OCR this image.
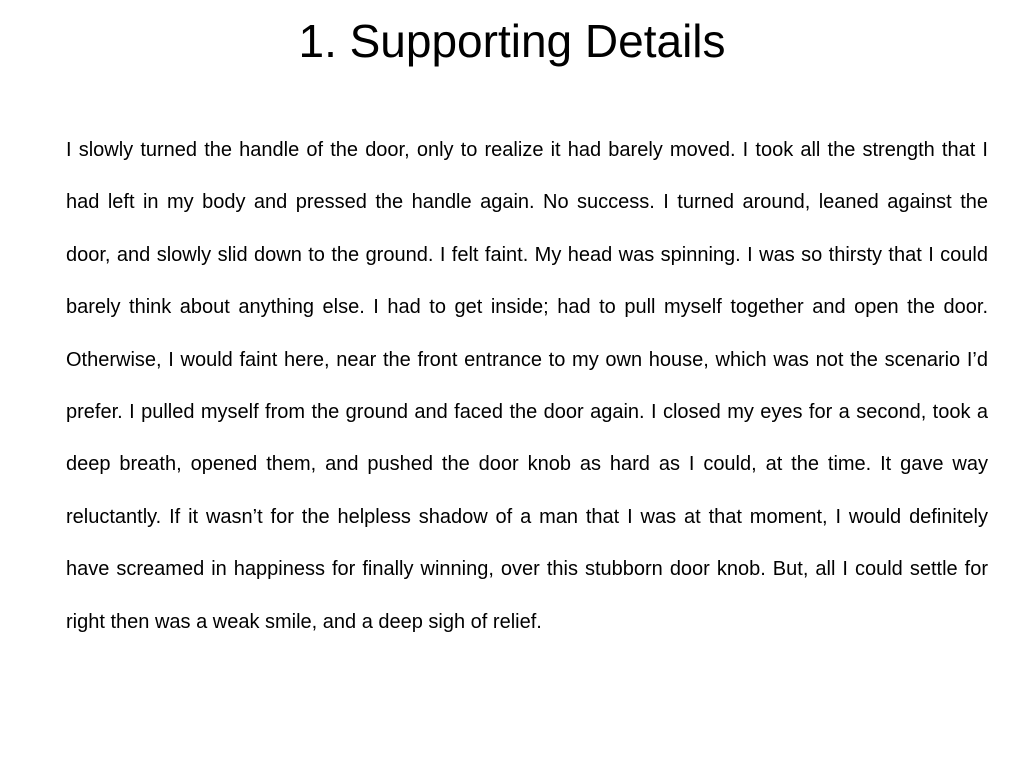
1. Supporting Details

I slowly turned the handle of the door, only to realize it had barely moved. I took all the strength that I had left in my body and pressed the handle again. No success. I turned around, leaned against the door, and slowly slid down to the ground. I felt faint. My head was spinning. I was so thirsty that I could barely think about anything else. I had to get inside; had to pull myself together and open the door. Otherwise, I would faint here, near the front entrance to my own house, which was not the scenario I’d prefer. I pulled myself from the ground and faced the door again. I closed my eyes for a second, took a deep breath, opened them, and pushed the door knob as hard as I could, at the time. It gave way reluctantly. If it wasn’t for the helpless shadow of a man that I was at that moment, I would definitely have screamed in happiness for finally winning, over this stubborn door knob. But, all I could settle for right then was a weak smile, and a deep sigh of relief.
